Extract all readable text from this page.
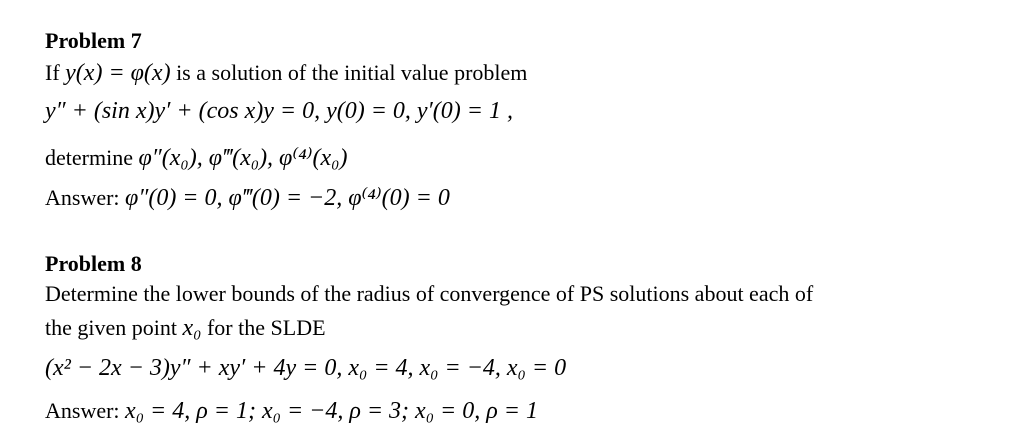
Problem 7
If y(x) = φ(x) is a solution of the initial value problem
y″ + (sin x)y′ + (cos x)y = 0, y(0) = 0, y′(0) = 1 ,
determine φ″(x₀), φ‴(x₀), φ⁽⁴⁾(x₀)
Answer: φ″(0) = 0, φ‴(0) = −2, φ⁽⁴⁾(0) = 0
Problem 8
Determine the lower bounds of the radius of convergence of PS solutions about each of
the given point x₀ for the SLDE
(x² − 2x − 3)y″ + xy′ + 4y = 0, x₀ = 4, x₀ = −4, x₀ = 0
Answer: x₀ = 4, ρ = 1; x₀ = −4, ρ = 3; x₀ = 0, ρ = 1
